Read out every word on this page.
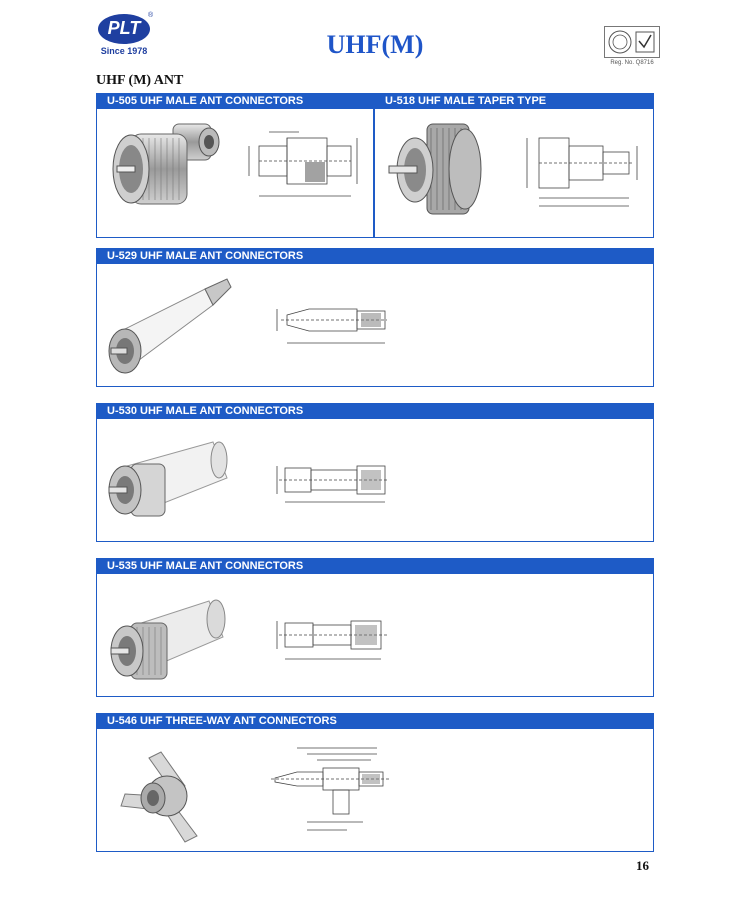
PLT
®
Since 1978	UHF(M)
Reg. No. Q8716
UHF (M) ANT
U-505 UHF MALE ANT CONNECTORS	U-518 UHF MALE TAPER TYPE
U-529 UHF MALE ANT CONNECTORS
U-530 UHF MALE ANT CONNECTORS
U-535 UHF MALE ANT CONNECTORS
U-546 UHF THREE-WAY ANT CONNECTORS
16
